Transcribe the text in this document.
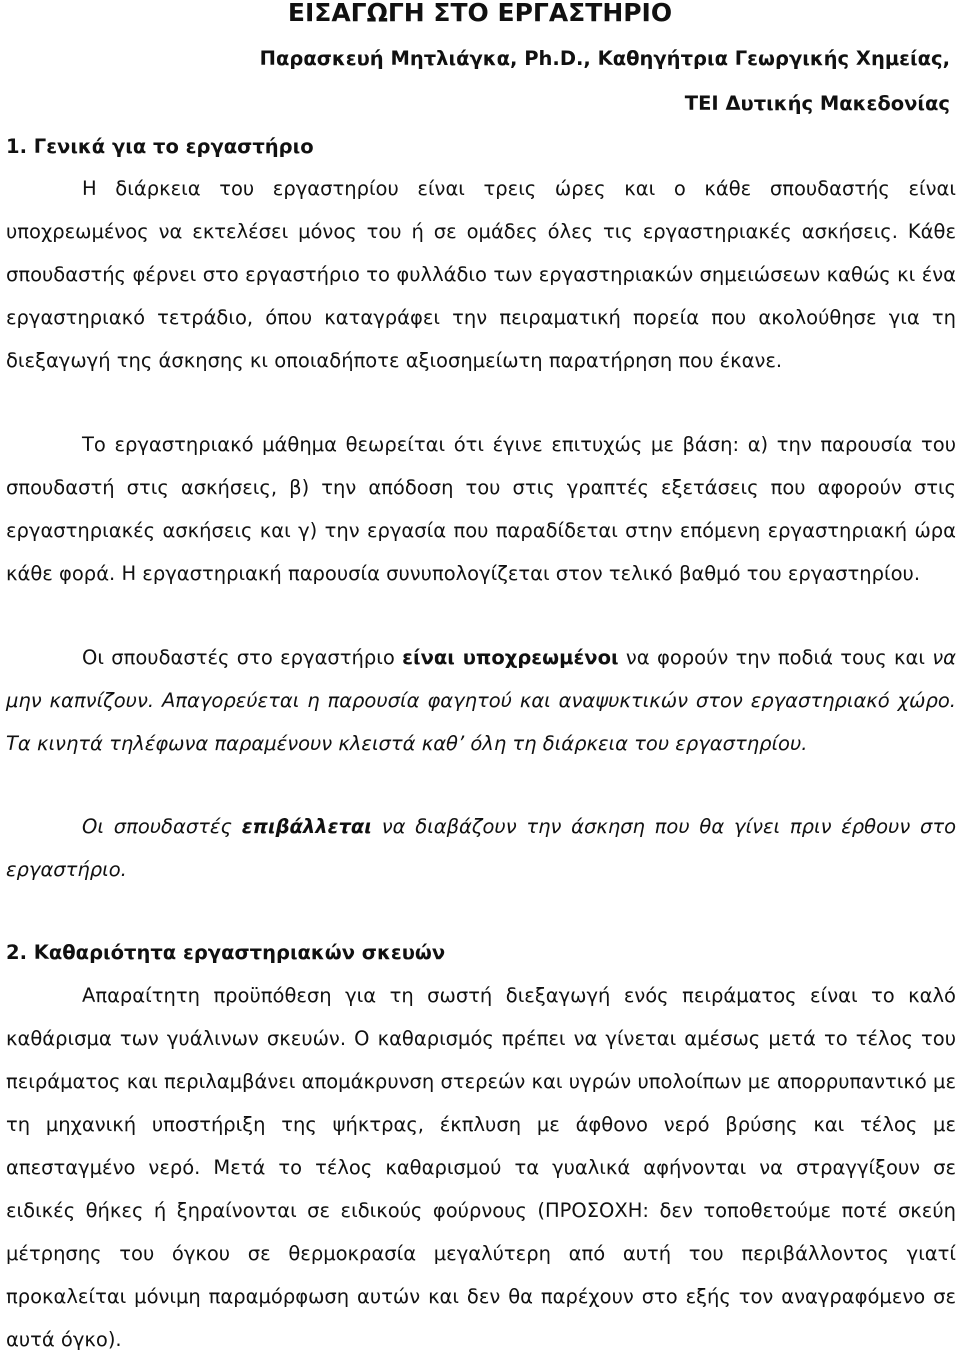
ΕΙΣΑΓΩΓΗ ΣΤΟ ΕΡΓΑΣΤΗΡΙΟ

Παρασκευή Μητλιάγκα, Ph.D., Καθηγήτρια Γεωργικής Χημείας,

ΤΕΙ Δυτικής Μακεδονίας

1. Γενικά για το εργαστήριο

Η διάρκεια του εργαστηρίου είναι τρεις ώρες και ο κάθε σπουδαστής είναι υποχρεωμένος να εκτελέσει μόνος του ή σε ομάδες όλες τις εργαστηριακές ασκήσεις. Κάθε σπουδαστής φέρνει στο εργαστήριο το φυλλάδιο των εργαστηριακών σημειώσεων καθώς κι ένα εργαστηριακό τετράδιο, όπου καταγράφει την πειραματική πορεία που ακολούθησε για τη διεξαγωγή της άσκησης κι οποιαδήποτε αξιοσημείωτη παρατήρηση που έκανε.

Το εργαστηριακό μάθημα θεωρείται ότι έγινε επιτυχώς με βάση: α) την παρουσία του σπουδαστή στις ασκήσεις, β) την απόδοση του στις γραπτές εξετάσεις που αφορούν στις εργαστηριακές ασκήσεις και γ) την εργασία που παραδίδεται στην επόμενη εργαστηριακή ώρα κάθε φορά. Η εργαστηριακή παρουσία συνυπολογίζεται στον τελικό βαθμό του εργαστηρίου.

Οι σπουδαστές στο εργαστήριο είναι υποχρεωμένοι να φορούν την ποδιά τους και να μην καπνίζουν. Απαγορεύεται η παρουσία φαγητού και αναψυκτικών στον εργαστηριακό χώρο. Τα κινητά τηλέφωνα παραμένουν κλειστά καθ’ όλη τη διάρκεια του εργαστηρίου.

Οι σπουδαστές επιβάλλεται να διαβάζουν την άσκηση που θα γίνει πριν έρθουν στο εργαστήριο.

2. Καθαριότητα εργαστηριακών σκευών

Απαραίτητη προϋπόθεση για τη σωστή διεξαγωγή ενός πειράματος είναι το καλό καθάρισμα των γυάλινων σκευών. Ο καθαρισμός πρέπει να γίνεται αμέσως μετά το τέλος του πειράματος και περιλαμβάνει απομάκρυνση στερεών και υγρών υπολοίπων με απορρυπαντικό με τη μηχανική υποστήριξη της ψήκτρας, έκπλυση με άφθονο νερό βρύσης και τέλος με απεσταγμένο νερό. Μετά το τέλος καθαρισμού τα γυαλικά αφήνονται να στραγγίξουν σε ειδικές θήκες ή ξηραίνονται σε ειδικούς φούρνους (ΠΡΟΣΟΧΗ: δεν τοποθετούμε ποτέ σκεύη μέτρησης του όγκου σε θερμοκρασία μεγαλύτερη από αυτή του περιβάλλοντος γιατί προκαλείται μόνιμη παραμόρφωση αυτών και δεν θα παρέχουν στο εξής τον αναγραφόμενο σε αυτά όγκο).
